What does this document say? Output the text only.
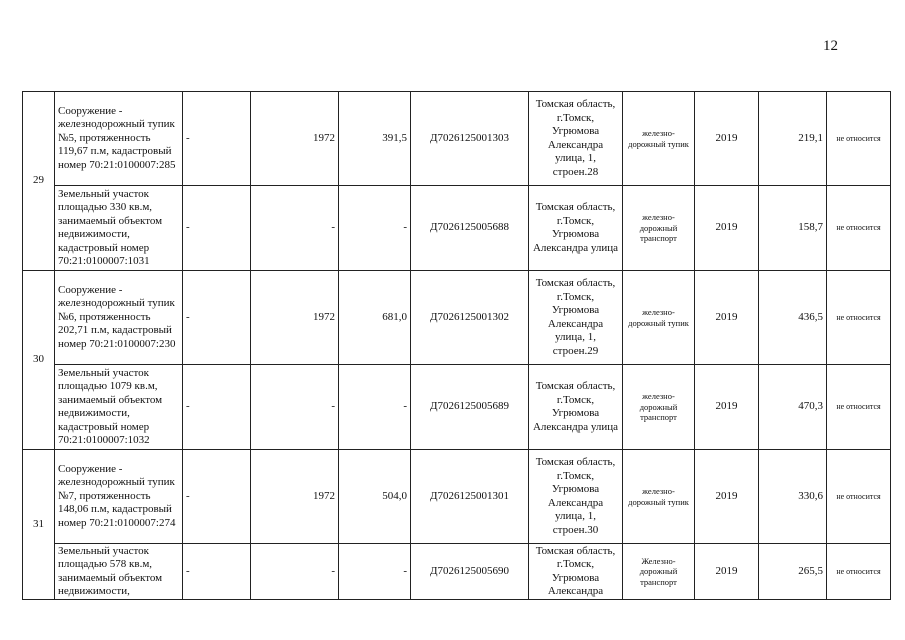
12
29	Сооружение - железнодорожный тупик №5, протяженность 119,67 п.м, кадастровый номер 70:21:0100007:285	-	1972	391,5	Д7026125001303	Томская область, г.Томск, Угрюмова Александра улица, 1, строен.28	железно-дорожный тупик	2019	219,1	не относится
	Земельный участок площадью 330 кв.м, занимаемый объектом недвижимости, кадастровый номер 70:21:0100007:1031	-	-	-	Д7026125005688	Томская область, г.Томск, Угрюмова Александра улица	железно-дорожный транспорт	2019	158,7	не относится
30	Сооружение - железнодорожный тупик №6, протяженность 202,71 п.м, кадастровый номер 70:21:0100007:230	-	1972	681,0	Д7026125001302	Томская область, г.Томск, Угрюмова Александра улица, 1, строен.29	железно-дорожный тупик	2019	436,5	не относится
	Земельный участок площадью 1079 кв.м, занимаемый объектом недвижимости, кадастровый номер 70:21:0100007:1032	-	-	-	Д7026125005689	Томская область, г.Томск, Угрюмова Александра улица	железно-дорожный транспорт	2019	470,3	не относится
31	Сооружение - железнодорожный тупик №7, протяженность 148,06 п.м, кадастровый номер 70:21:0100007:274	-	1972	504,0	Д7026125001301	Томская область, г.Томск, Угрюмова Александра улица, 1, строен.30	железно-дорожный тупик	2019	330,6	не относится
	Земельный участок площадью 578 кв.м, занимаемый объектом недвижимости,	-	-	-	Д7026125005690	Томская область, г.Томск, Угрюмова Александра	Железно-дорожный транспорт	2019	265,5	не относится
